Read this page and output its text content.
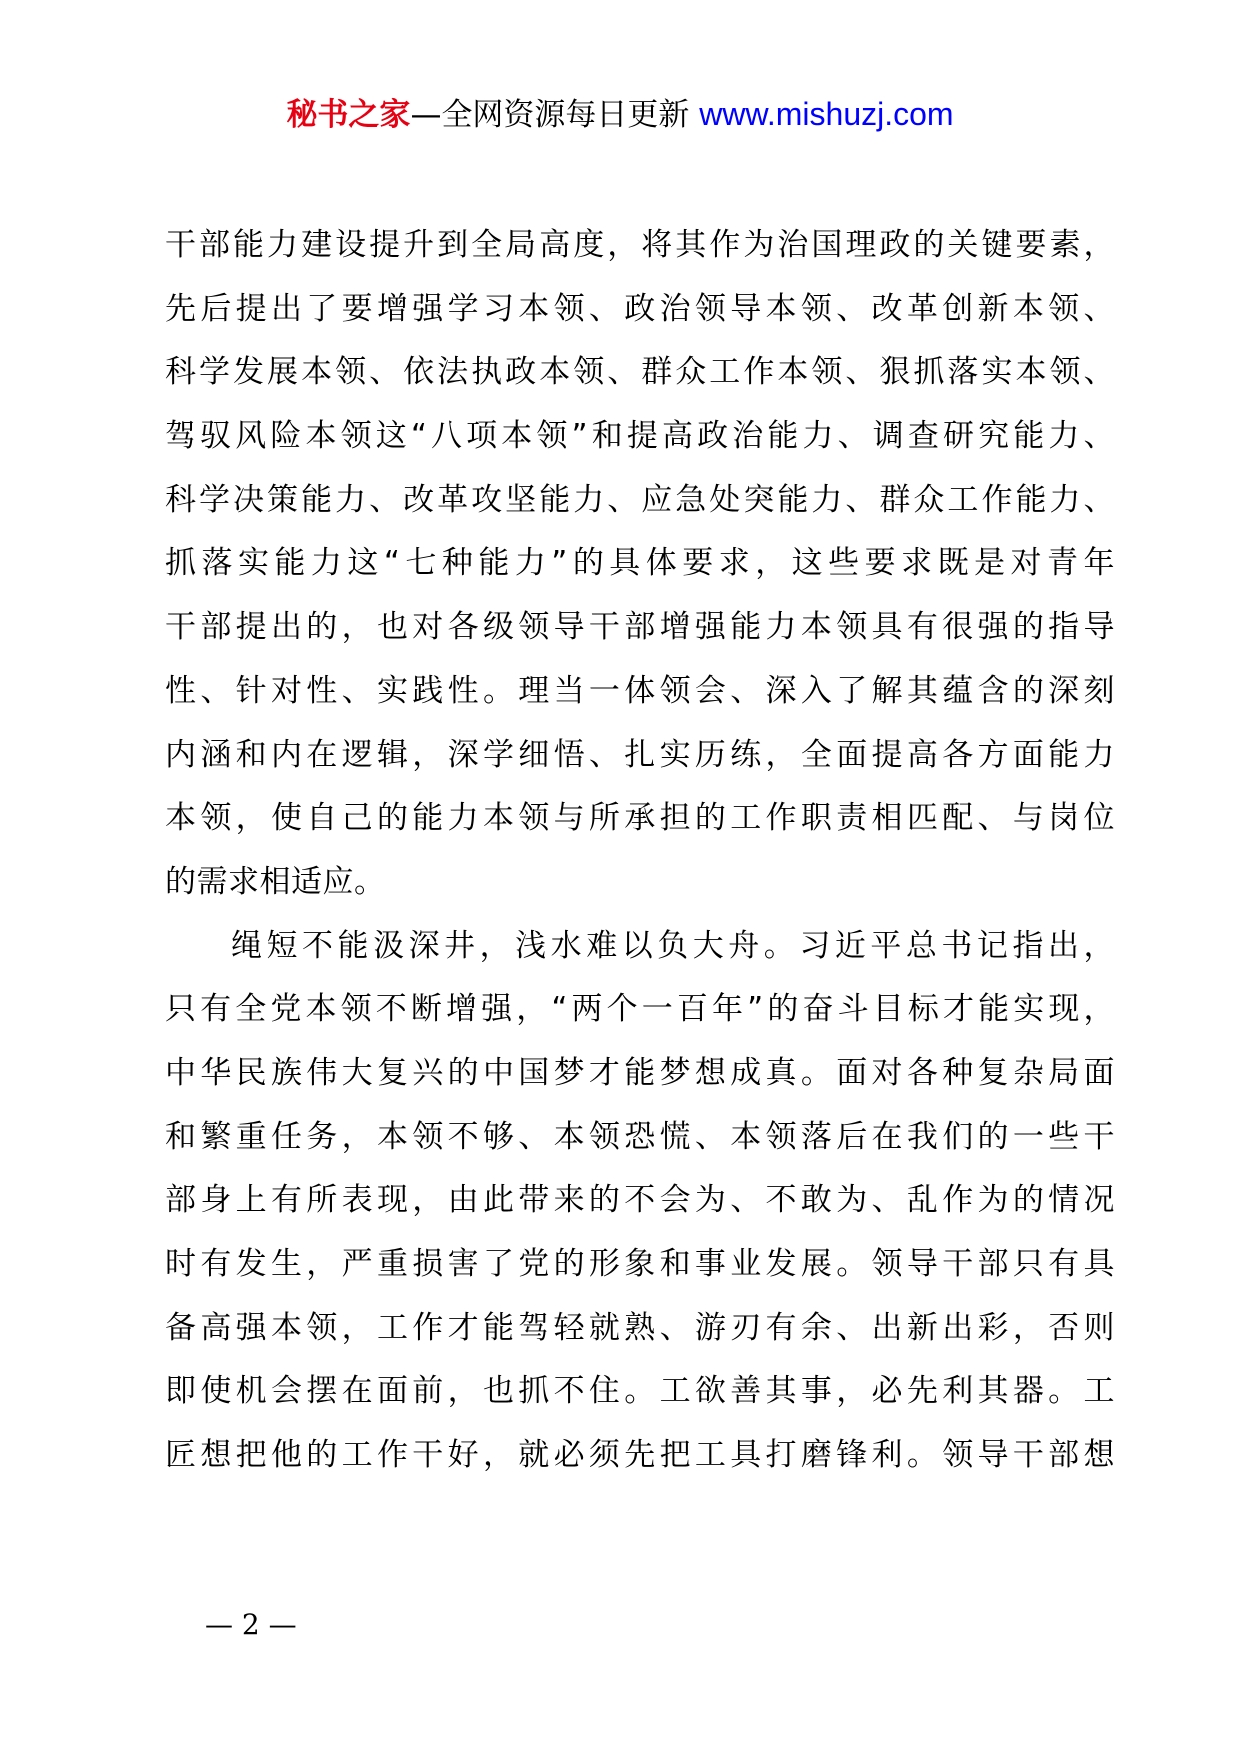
秘书之家—全网资源每日更新 www.mishuzj.com
干部能力建设提升到全局高度，将其作为治国理政的关键要素，
先后提出了要增强学习本领、政治领导本领、改革创新本领、
科学发展本领、依法执政本领、群众工作本领、狠抓落实本领、
驾驭风险本领这“八项本领”和提高政治能力、调查研究能力、
科学决策能力、改革攻坚能力、应急处突能力、群众工作能力、
抓落实能力这“七种能力”的具体要求，这些要求既是对青年
干部提出的，也对各级领导干部增强能力本领具有很强的指导
性、针对性、实践性。理当一体领会、深入了解其蕴含的深刻
内涵和内在逻辑，深学细悟、扎实历练，全面提高各方面能力
本领，使自己的能力本领与所承担的工作职责相匹配、与岗位
的需求相适应。
绳短不能汲深井，浅水难以负大舟。习近平总书记指出，
只有全党本领不断增强，“两个一百年”的奋斗目标才能实现，
中华民族伟大复兴的中国梦才能梦想成真。面对各种复杂局面
和繁重任务，本领不够、本领恐慌、本领落后在我们的一些干
部身上有所表现，由此带来的不会为、不敢为、乱作为的情况
时有发生，严重损害了党的形象和事业发展。领导干部只有具
备高强本领，工作才能驾轻就熟、游刃有余、出新出彩，否则
即使机会摆在面前，也抓不住。工欲善其事，必先利其器。工
匠想把他的工作干好，就必须先把工具打磨锋利。领导干部想
— 2 —
